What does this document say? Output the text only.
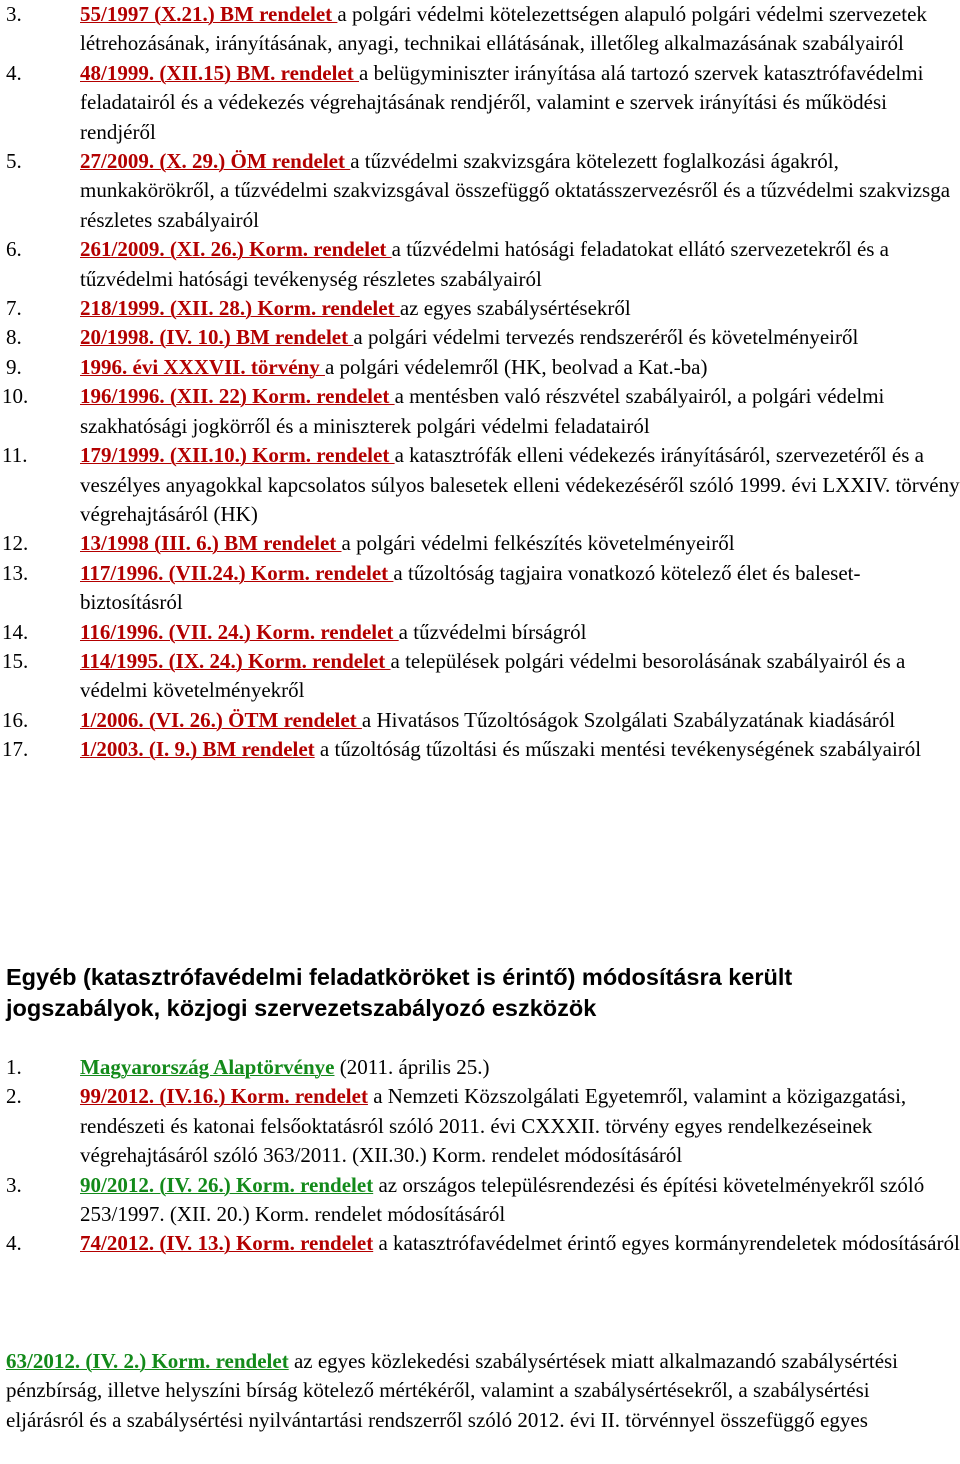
3.	55/1997 (X.21.) BM rendelet a polgári védelmi kötelezettségen alapuló polgári védelmi szervezetek létrehozásának, irányításának, anyagi, technikai ellátásának, illetőleg alkalmazásának szabályairól
4.	48/1999. (XII.15) BM. rendelet a belügyminiszter irányítása alá tartozó szervek katasztrófavédelmi feladatairól és a védekezés végrehajtásának rendjéről, valamint e szervek irányítási és működési rendjéről
5.	27/2009. (X. 29.) ÖM rendelet a tűzvédelmi szakvizsgára kötelezett foglalkozási ágakról, munkakörökről, a tűzvédelmi szakvizsgával összefüggő oktatásszervezésről és a tűzvédelmi szakvizsga részletes szabályairól
6.	261/2009. (XI. 26.) Korm. rendelet a tűzvédelmi hatósági feladatokat ellátó szervezetekről és a tűzvédelmi hatósági tevékenység részletes szabályairól
7.	218/1999. (XII. 28.) Korm. rendelet az egyes szabálysértésekről
8.	20/1998. (IV. 10.) BM rendelet a polgári védelmi tervezés rendszeréről és követelményeiről
9.	1996. évi XXXVII. törvény a polgári védelemről (HK, beolvad a Kat.-ba)
10.	196/1996. (XII. 22) Korm. rendelet a mentésben való részvétel szabályairól, a polgári védelmi szakhatósági jogkörről és a miniszterek polgári védelmi feladatairól
11.	179/1999. (XII.10.) Korm. rendelet a katasztrófák elleni védekezés irányításáról, szervezetéről és a veszélyes anyagokkal kapcsolatos súlyos balesetek elleni védekezéséről szóló 1999. évi LXXIV. törvény végrehajtásáról (HK)
12.	13/1998 (III. 6.) BM rendelet a polgári védelmi felkészítés követelményeiről
13.	117/1996. (VII.24.) Korm. rendelet a tűzoltóság tagjaira vonatkozó kötelező élet és baleset-biztosításról
14.	116/1996. (VII. 24.) Korm. rendelet a tűzvédelmi bírságról
15.	114/1995. (IX. 24.) Korm. rendelet a települések polgári védelmi besorolásának szabályairól és a védelmi követelményekről
16.	1/2006. (VI. 26.) ÖTM rendelet a Hivatásos Tűzoltóságok Szolgálati Szabályzatának kiadásáról
17.	1/2003. (I. 9.) BM rendelet a tűzoltóság tűzoltási és műszaki mentési tevékenységének szabályairól
Egyéb (katasztrófavédelmi feladatköröket is érintő) módosításra került jogszabályok, közjogi szervezetszabályozó eszközök
1.	Magyarország Alaptörvénye (2011. április 25.)
2.	99/2012. (IV.16.) Korm. rendelet a Nemzeti Közszolgálati Egyetemről, valamint a közigazgatási, rendészeti és katonai felsőoktatásról szóló 2011. évi CXXXII. törvény egyes rendelkezéseinek végrehajtásáról szóló 363/2011. (XII.30.) Korm. rendelet módosításáról
3.	90/2012. (IV. 26.) Korm. rendelet az országos településrendezési és építési követelményekről szóló 253/1997. (XII. 20.) Korm. rendelet módosításáról
4.	74/2012. (IV. 13.) Korm. rendelet a katasztrófavédelmet érintő egyes kormányrendeletek módosításáról

63/2012. (IV. 2.) Korm. rendelet az egyes közlekedési szabálysértések miatt alkalmazandó szabálysértési pénzbírság, illetve helyszíni bírság kötelező mértékéről, valamint a szabálysértésekről, a szabálysértési eljárásról és a szabálysértési nyilvántartási rendszerről szóló 2012. évi II. törvénnyel összefüggő egyes
